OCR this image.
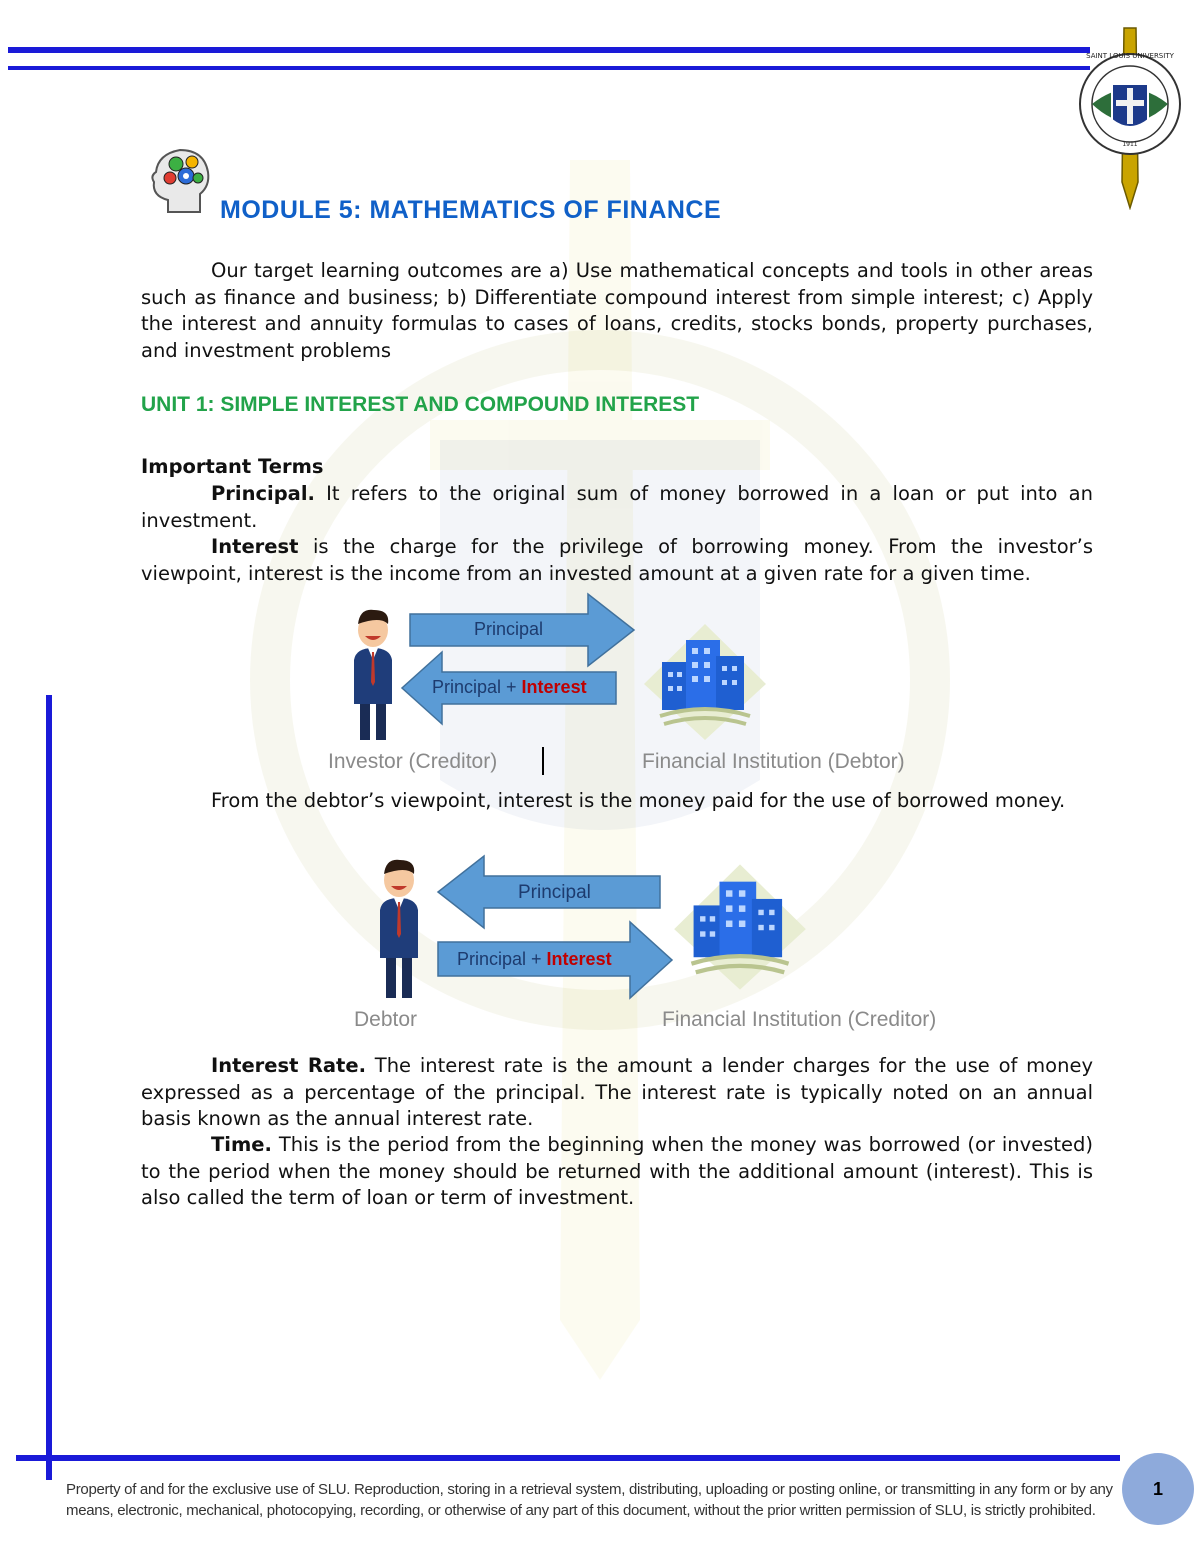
SAINT LOUIS UNIVERSITY
1911
MODULE 5: MATHEMATICS OF FINANCE
Our target learning outcomes are a) Use mathematical concepts and tools in other areas such as finance and business; b) Differentiate compound interest from simple interest; c) Apply the interest and annuity formulas to cases of loans, credits, stocks bonds, property purchases, and investment problems
UNIT 1: SIMPLE INTEREST AND COMPOUND INTEREST
Important Terms
Principal. It refers to the original sum of money borrowed in a loan or put into an investment.
Interest is the charge for the privilege of borrowing money. From the investor’s viewpoint, interest is the income from an invested amount at a given rate for a given time.
Principal
Principal + Interest
Investor (Creditor)	Financial Institution (Debtor)
From the debtor’s viewpoint, interest is the money paid for the use of borrowed money.
Principal
Principal + Interest
Debtor	Financial Institution (Creditor)
Interest Rate. The interest rate is the amount a lender charges for the use of money expressed as a percentage of the principal. The interest rate is typically noted on an annual basis known as the annual interest rate.
Time. This is the period from the beginning when the money was borrowed (or invested) to the period when the money should be returned with the additional amount (interest). This is also called the term of loan or term of investment.
Property of and for the exclusive use of SLU. Reproduction, storing in a retrieval system, distributing, uploading or posting online, or transmitting in any form or by any
means, electronic, mechanical, photocopying, recording, or otherwise of any part of this document, without the prior written permission of SLU, is strictly prohibited.
1
